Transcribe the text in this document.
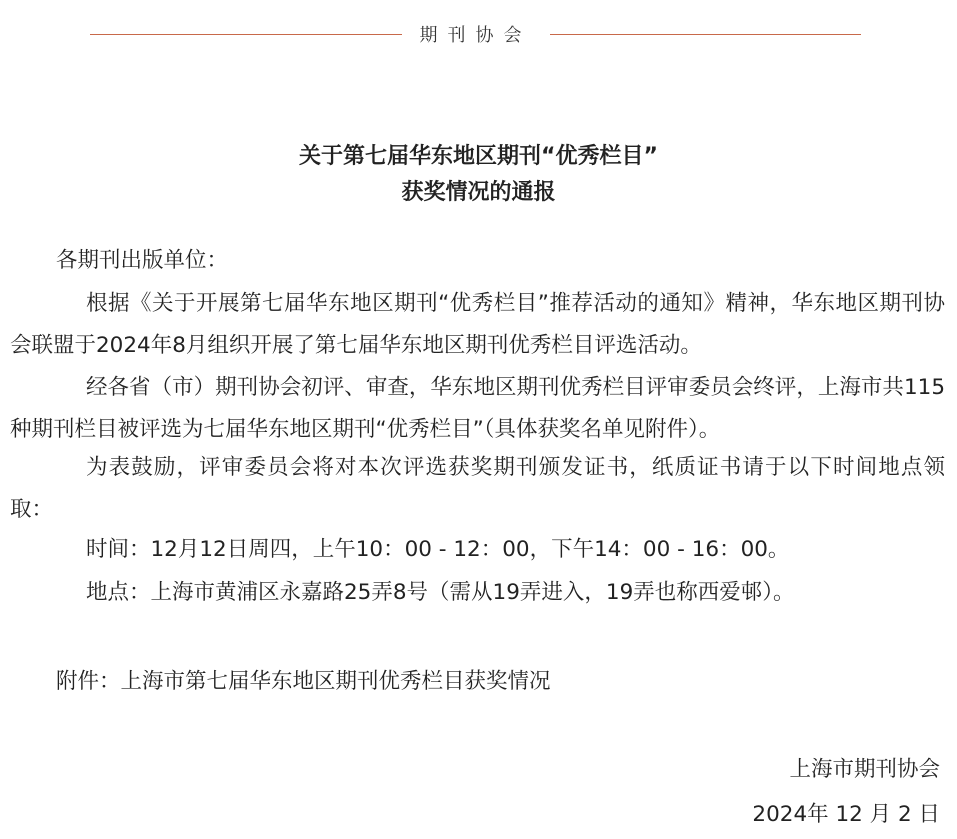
期刊协会
关于第七届华东地区期刊“优秀栏目”
获奖情况的通报
各期刊出版单位：
根据《关于开展第七届华东地区期刊“优秀栏目”推荐活动的通知》精神，华东地区期刊协会联盟于2024年8月组织开展了第七届华东地区期刊优秀栏目评选活动。
经各省（市）期刊协会初评、审查，华东地区期刊优秀栏目评审委员会终评，上海市共115种期刊栏目被评选为七届华东地区期刊“优秀栏目”（具体获奖名单见附件）。
为表鼓励，评审委员会将对本次评选获奖期刊颁发证书，纸质证书请于以下时间地点领取：
时间：12月12日周四，上午10：00 - 12：00，下午14：00 - 16：00。
地点：上海市黄浦区永嘉路25弄8号（需从19弄进入，19弄也称西爱邨）。
附件：上海市第七届华东地区期刊优秀栏目获奖情况
上海市期刊协会
2024年 12 月 2 日
